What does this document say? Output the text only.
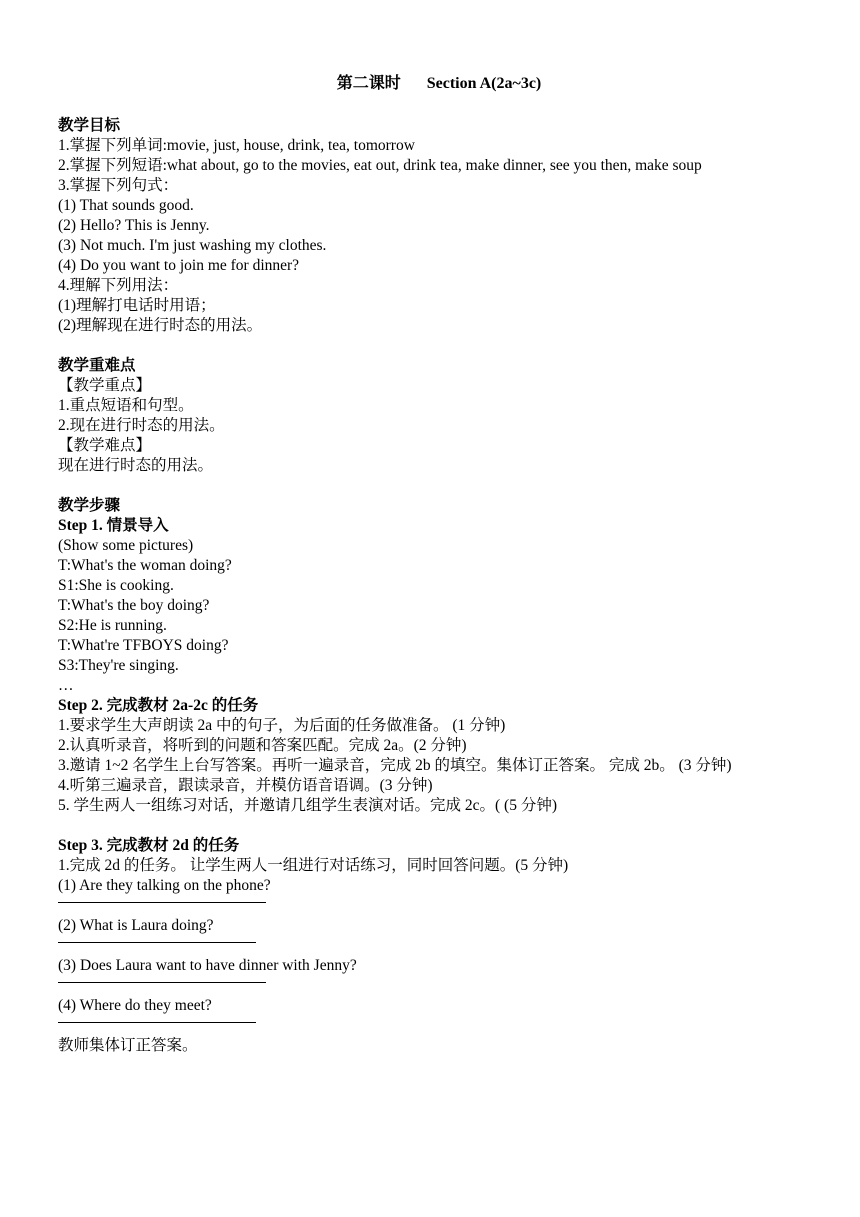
第二课时 Section A(2a~3c)

教学目标

1.掌握下列单词:movie, just, house, drink, tea, tomorrow

2.掌握下列短语:what about, go to the movies, eat out, drink tea, make dinner, see you then, make soup

3.掌握下列句式：

(1) That sounds good.

(2) Hello? This is Jenny.

(3) Not much. I'm just washing my clothes.

(4) Do you want to join me for dinner?

4.理解下列用法：

(1)理解打电话时用语；

(2)理解现在进行时态的用法。

教学重难点

【教学重点】

1.重点短语和句型。

2.现在进行时态的用法。

【教学难点】

现在进行时态的用法。

教学步骤

Step 1. 情景导入

(Show some pictures)

T:What's the woman doing?

S1:She is cooking.

T:What's the boy doing?

S2:He is running.

T:What're TFBOYS doing?

S3:They're singing.

…

Step 2. 完成教材 2a-2c 的任务

1.要求学生大声朗读 2a 中的句子，为后面的任务做准备。 (1 分钟)

2.认真听录音，将听到的问题和答案匹配。完成 2a。(2 分钟)

3.邀请 1~2 名学生上台写答案。再听一遍录音，完成 2b 的填空。集体订正答案。 完成 2b。 (3 分钟)

4.听第三遍录音，跟读录音，并模仿语音语调。(3 分钟)

5. 学生两人一组练习对话，并邀请几组学生表演对话。完成 2c。( (5 分钟)

Step 3. 完成教材 2d 的任务

1.完成 2d 的任务。 让学生两人一组进行对话练习，同时回答问题。(5 分钟)

(1) Are they talking on the phone?

(2) What is Laura doing?

(3) Does Laura want to have dinner with Jenny?

(4) Where do they meet?

教师集体订正答案。
